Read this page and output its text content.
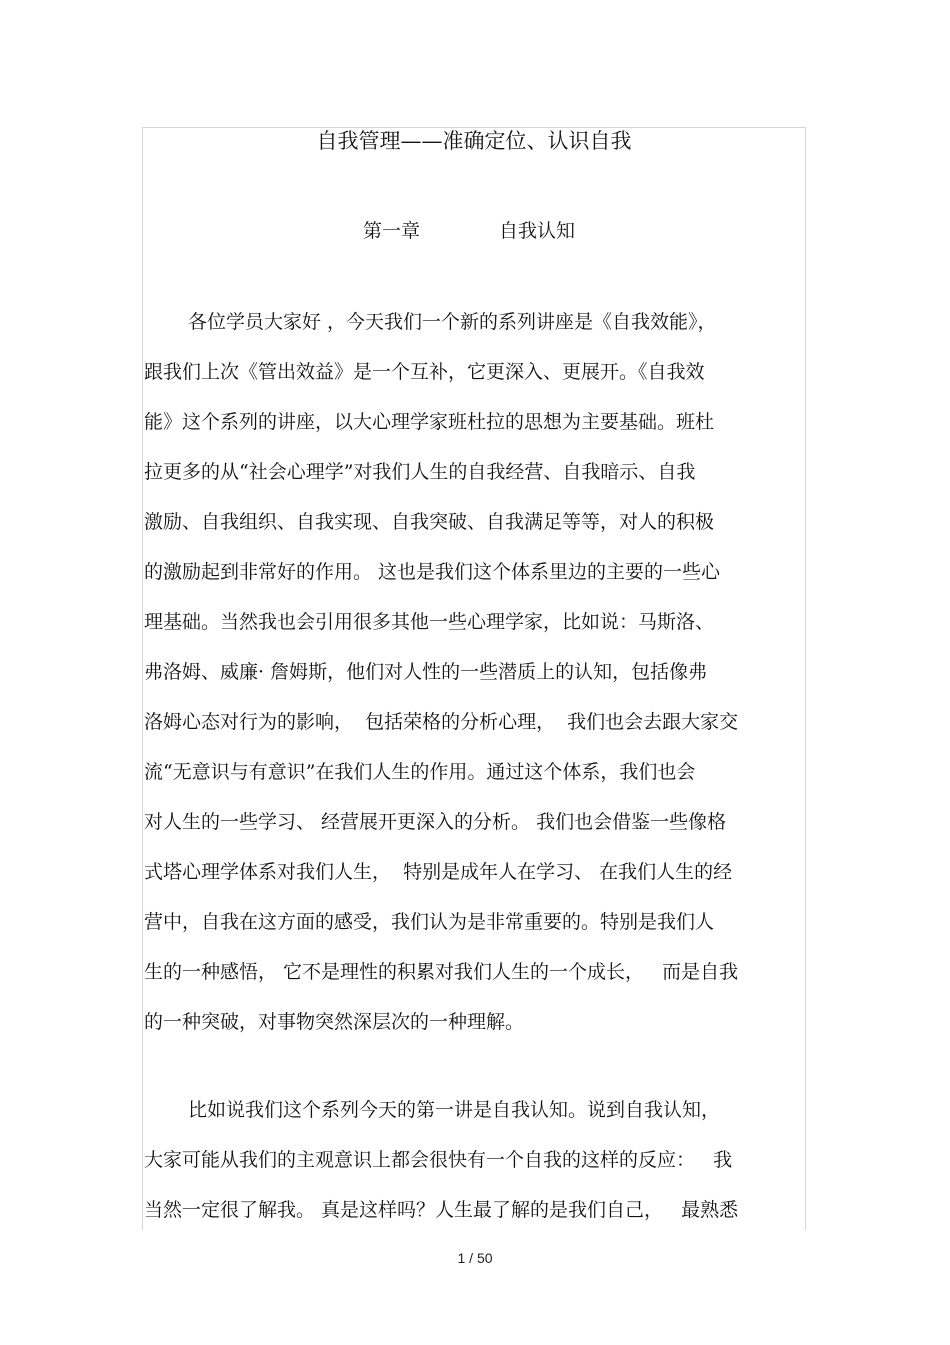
自我管理——准确定位、认识自我
第一章	自我认知
各位学员大家好 ，今天我们一个新的系列讲座是《自我效能》，
跟我们上次《管出效益》是一个互补，它更深入、更展开。《自我效
能》这个系列的讲座，以大心理学家班杜拉的思想为主要基础。班杜
拉更多的从“社会心理学”对我们人生的自我经营、自我暗示、自我
激励、自我组织、自我实现、自我突破、自我满足等等，对人的积极
的激励起到非常好的作用。 这也是我们这个体系里边的主要的一些心
理基础。当然我也会引用很多其他一些心理学家，比如说：马斯洛、
弗洛姆、威廉· 詹姆斯，他们对人性的一些潜质上的认知，包括像弗
洛姆心态对行为的影响，  包括荣格的分析心理，  我们也会去跟大家交
流“无意识与有意识”在我们人生的作用。通过这个体系，我们也会
对人生的一些学习、 经营展开更深入的分析。 我们也会借鉴一些像格
式塔心理学体系对我们人生，  特别是成年人在学习、 在我们人生的经
营中，自我在这方面的感受，我们认为是非常重要的。特别是我们人
生的一种感悟， 它不是理性的积累对我们人生的一个成长，   而是自我
的一种突破，对事物突然深层次的一种理解。
比如说我们这个系列今天的第一讲是自我认知。说到自我认知，
大家可能从我们的主观意识上都会很快有一个自我的这样的反应：   我
当然一定很了解我。 真是这样吗？人生最了解的是我们自己，   最熟悉
1 / 50
